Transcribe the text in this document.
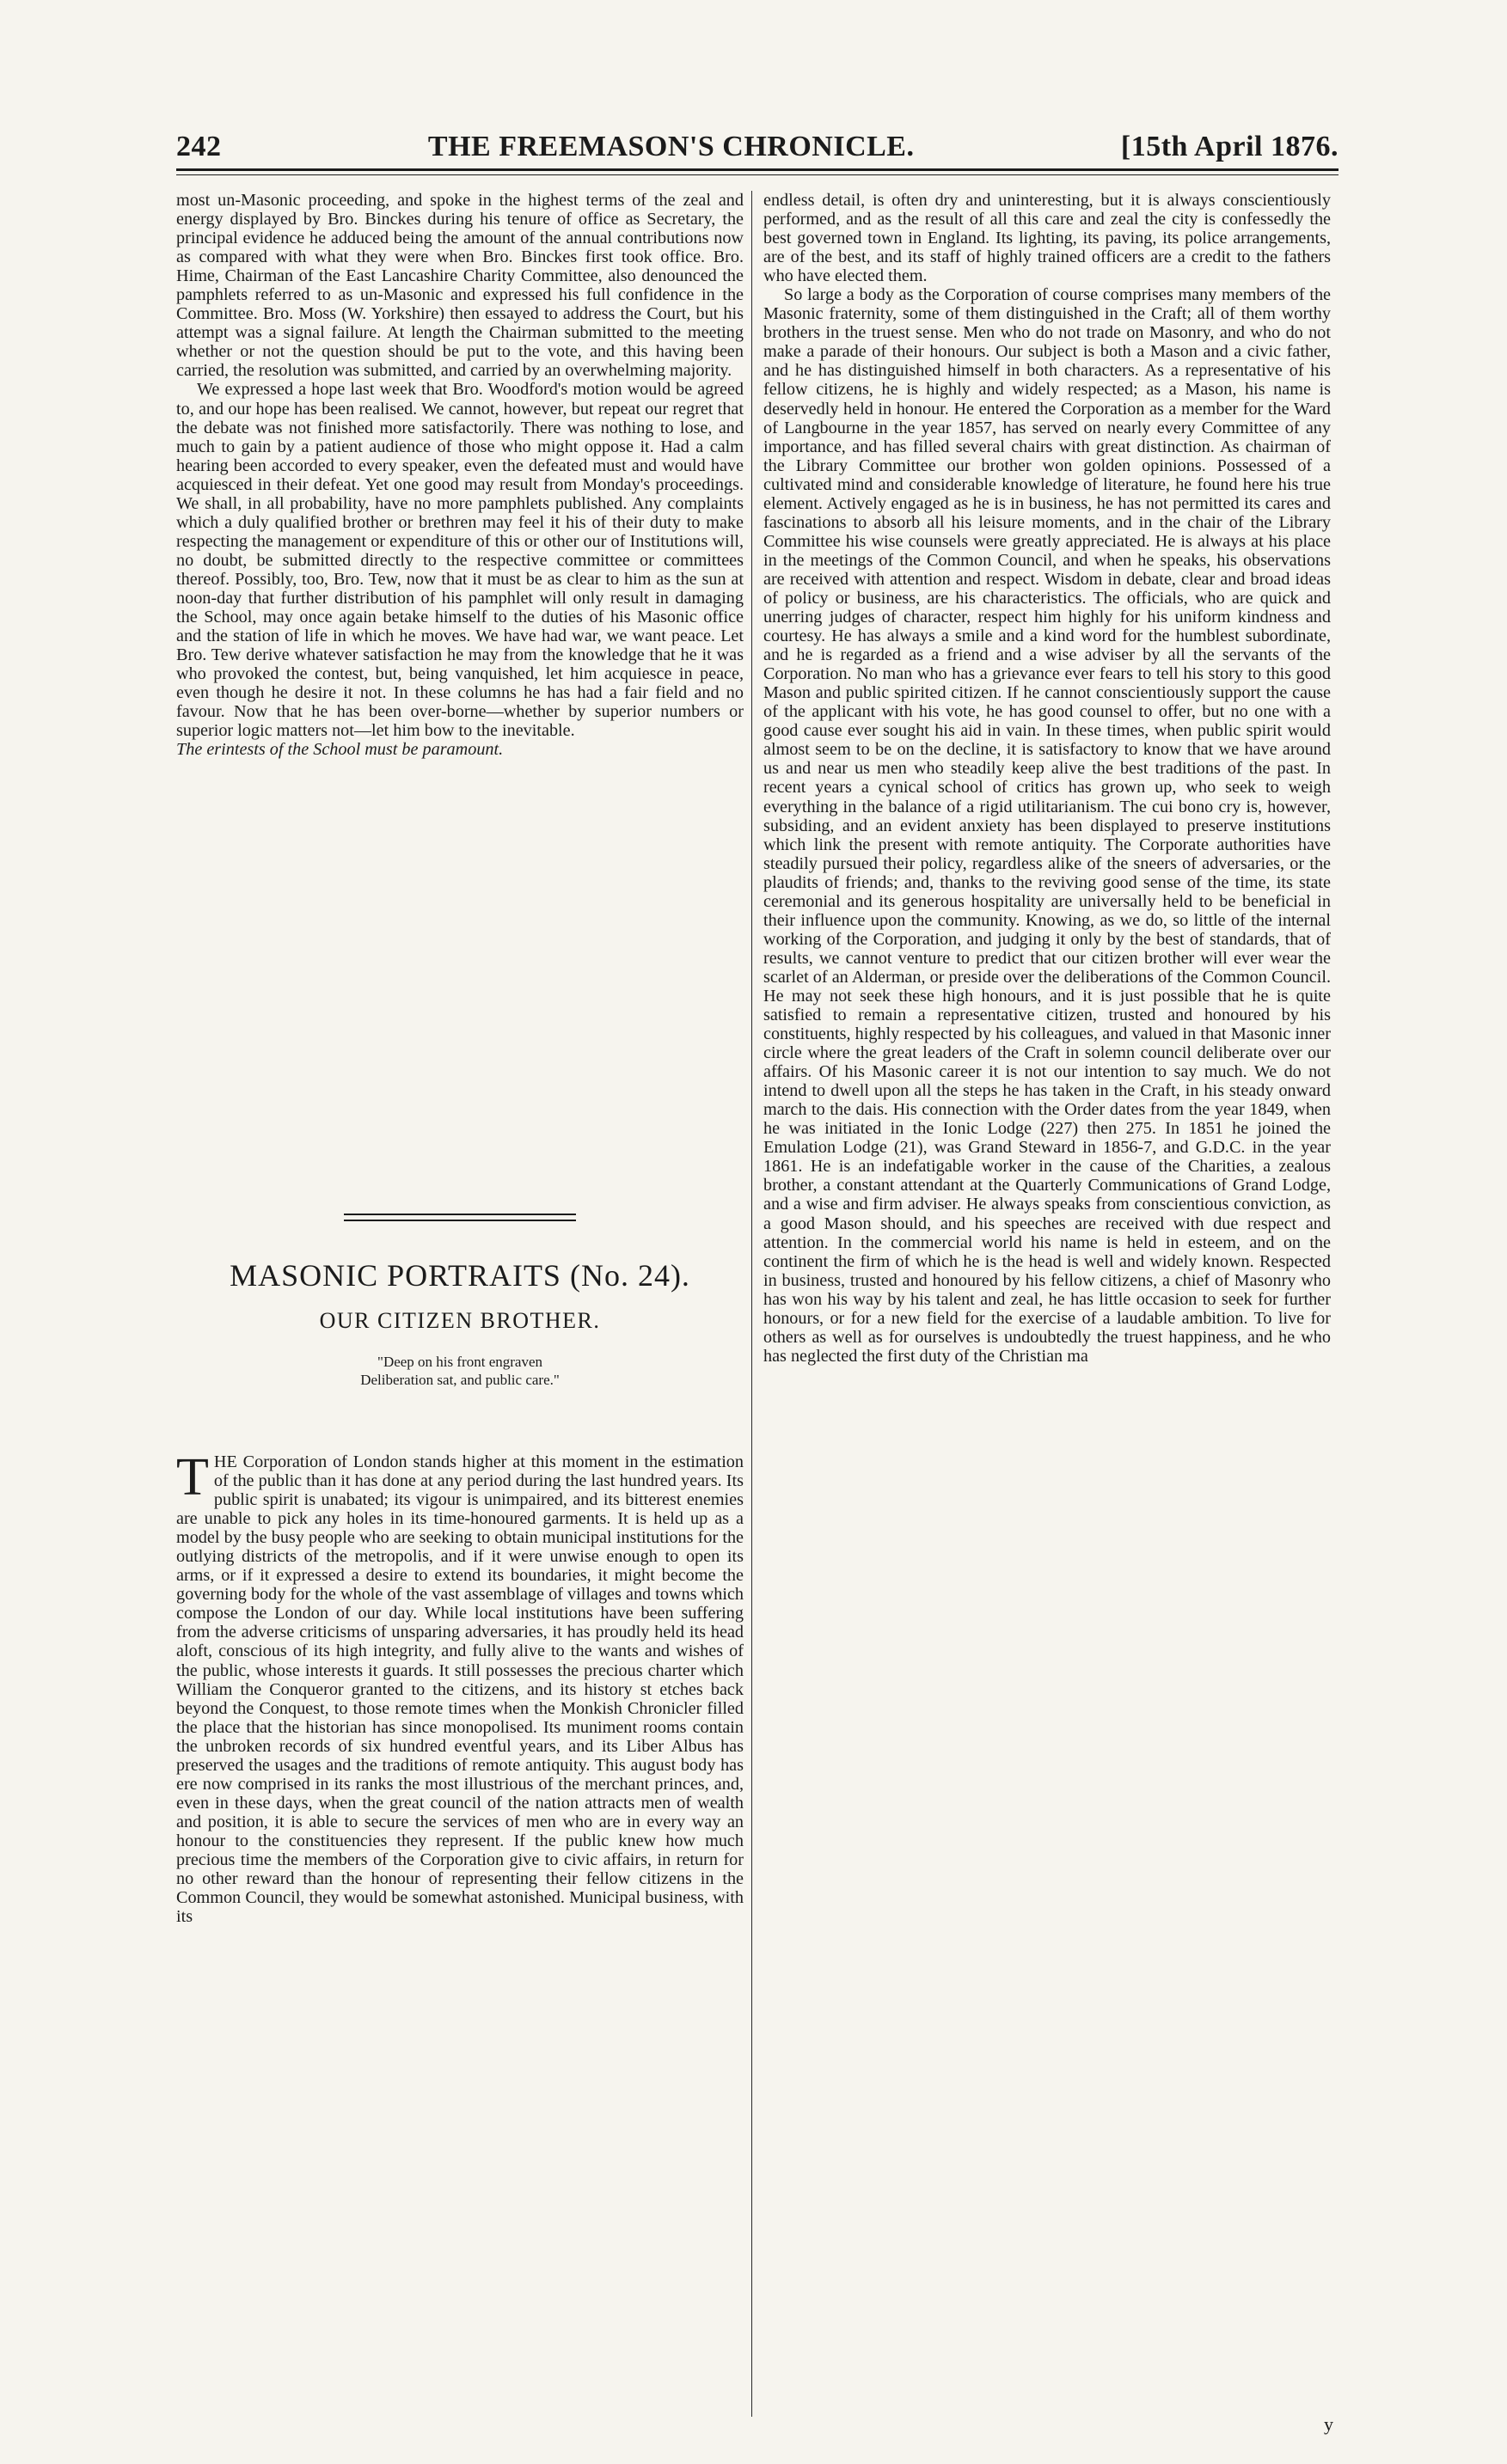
242	THE FREEMASON'S CHRONICLE.	[15th April 1876.

most un-Masonic proceeding, and spoke in the highest terms of the zeal and energy displayed by Bro. Binckes during his tenure of office as Secretary, the principal evidence he adduced being the amount of the annual contributions now as compared with what they were when Bro. Binckes first took office. Bro. Hime, Chairman of the East Lancashire Charity Committee, also denounced the pamphlets referred to as un-Masonic and expressed his full confidence in the Committee. Bro. Moss (W. Yorkshire) then essayed to address the Court, but his attempt was a signal failure. At length the Chairman submitted to the meeting whether or not the question should be put to the vote, and this having been carried, the resolution was submitted, and carried by an overwhelming majority.

We expressed a hope last week that Bro. Woodford's motion would be agreed to, and our hope has been realised. We cannot, however, but repeat our regret that the debate was not finished more satisfactorily. There was nothing to lose, and much to gain by a patient audience of those who might oppose it. Had a calm hearing been accorded to every speaker, even the defeated must and would have acquiesced in their defeat. Yet one good may result from Monday's proceedings. We shall, in all probability, have no more pamphlets published. Any complaints which a duly qualified brother or brethren may feel it his of their duty to make respecting the management or expenditure of this or other our of Institutions will, no doubt, be submitted directly to the respective committee or committees thereof. Possibly, too, Bro. Tew, now that it must be as clear to him as the sun at noon-day that further distribution of his pamphlet will only result in damaging the School, may once again betake himself to the duties of his Masonic office and the station of life in which he moves. We have had war, we want peace. Let Bro. Tew derive whatever satisfaction he may from the knowledge that he it was who provoked the contest, but, being vanquished, let him acquiesce in peace, even though he desire it not. In these columns he has had a fair field and no favour. Now that he has been over-borne—whether by superior numbers or superior logic matters not—let him bow to the inevitable.

The erintests of the School must be paramount.

MASONIC PORTRAITS (No. 24).
OUR CITIZEN BROTHER.
"Deep on his front engraven
Deliberation sat, and public care."

THE Corporation of London stands higher at this moment in the estimation of the public than it has done at any period during the last hundred years. Its public spirit is unabated; its vigour is unimpaired, and its bitterest enemies are unable to pick any holes in its time-honoured garments. It is held up as a model by the busy people who are seeking to obtain municipal institutions for the outlying districts of the metropolis, and if it were unwise enough to open its arms, or if it expressed a desire to extend its boundaries, it might become the governing body for the whole of the vast assemblage of villages and towns which compose the London of our day. While local institutions have been suffering from the adverse criticisms of unsparing adversaries, it has proudly held its head aloft, conscious of its high integrity, and fully alive to the wants and wishes of the public, whose interests it guards. It still possesses the precious charter which William the Conqueror granted to the citizens, and its history st etches back beyond the Conquest, to those remote times when the Monkish Chronicler filled the place that the historian has since monopolised. Its muniment rooms contain the unbroken records of six hundred eventful years, and its Liber Albus has preserved the usages and the traditions of remote antiquity. This august body has ere now comprised in its ranks the most illustrious of the merchant princes, and, even in these days, when the great council of the nation attracts men of wealth and position, it is able to secure the services of men who are in every way an honour to the constituencies they represent. If the public knew how much precious time the members of the Corporation give to civic affairs, in return for no other reward than the honour of representing their fellow citizens in the Common Council, they would be somewhat astonished. Municipal business, with its

endless detail, is often dry and uninteresting, but it is always conscientiously performed, and as the result of all this care and zeal the city is confessedly the best governed town in England. Its lighting, its paving, its police arrangements, are of the best, and its staff of highly trained officers are a credit to the fathers who have elected them.

So large a body as the Corporation of course comprises many members of the Masonic fraternity, some of them distinguished in the Craft; all of them worthy brothers in the truest sense. Men who do not trade on Masonry, and who do not make a parade of their honours. Our subject is both a Mason and a civic father, and he has distinguished himself in both characters. As a representative of his fellow citizens, he is highly and widely respected; as a Mason, his name is deservedly held in honour. He entered the Corporation as a member for the Ward of Langbourne in the year 1857, has served on nearly every Committee of any importance, and has filled several chairs with great distinction. As chairman of the Library Committee our brother won golden opinions. Possessed of a cultivated mind and considerable knowledge of literature, he found here his true element. Actively engaged as he is in business, he has not permitted its cares and fascinations to absorb all his leisure moments, and in the chair of the Library Committee his wise counsels were greatly appreciated. He is always at his place in the meetings of the Common Council, and when he speaks, his observations are received with attention and respect. Wisdom in debate, clear and broad ideas of policy or business, are his characteristics. The officials, who are quick and unerring judges of character, respect him highly for his uniform kindness and courtesy. He has always a smile and a kind word for the humblest subordinate, and he is regarded as a friend and a wise adviser by all the servants of the Corporation. No man who has a grievance ever fears to tell his story to this good Mason and public spirited citizen. If he cannot conscientiously support the cause of the applicant with his vote, he has good counsel to offer, but no one with a good cause ever sought his aid in vain. In these times, when public spirit would almost seem to be on the decline, it is satisfactory to know that we have around us and near us men who steadily keep alive the best traditions of the past. In recent years a cynical school of critics has grown up, who seek to weigh everything in the balance of a rigid utilitarianism. The cui bono cry is, however, subsiding, and an evident anxiety has been displayed to preserve institutions which link the present with remote antiquity. The Corporate authorities have steadily pursued their policy, regardless alike of the sneers of adversaries, or the plaudits of friends; and, thanks to the reviving good sense of the time, its state ceremonial and its generous hospitality are universally held to be beneficial in their influence upon the community. Knowing, as we do, so little of the internal working of the Corporation, and judging it only by the best of standards, that of results, we cannot venture to predict that our citizen brother will ever wear the scarlet of an Alderman, or preside over the deliberations of the Common Council. He may not seek these high honours, and it is just possible that he is quite satisfied to remain a representative citizen, trusted and honoured by his constituents, highly respected by his colleagues, and valued in that Masonic inner circle where the great leaders of the Craft in solemn council deliberate over our affairs. Of his Masonic career it is not our intention to say much. We do not intend to dwell upon all the steps he has taken in the Craft, in his steady onward march to the dais. His connection with the Order dates from the year 1849, when he was initiated in the Ionic Lodge (227) then 275. In 1851 he joined the Emulation Lodge (21), was Grand Steward in 1856-7, and G.D.C. in the year 1861. He is an indefatigable worker in the cause of the Charities, a zealous brother, a constant attendant at the Quarterly Communications of Grand Lodge, and a wise and firm adviser. He always speaks from conscientious conviction, as a good Mason should, and his speeches are received with due respect and attention. In the commercial world his name is held in esteem, and on the continent the firm of which he is the head is well and widely known. Respected in business, trusted and honoured by his fellow citizens, a chief of Masonry who has won his way by his talent and zeal, he has little occasion to seek for further honours, or for a new field for the exercise of a laudable ambition. To live for others as well as for ourselves is undoubtedly the truest happiness, and he who has neglected the first duty of the Christian ma

y
